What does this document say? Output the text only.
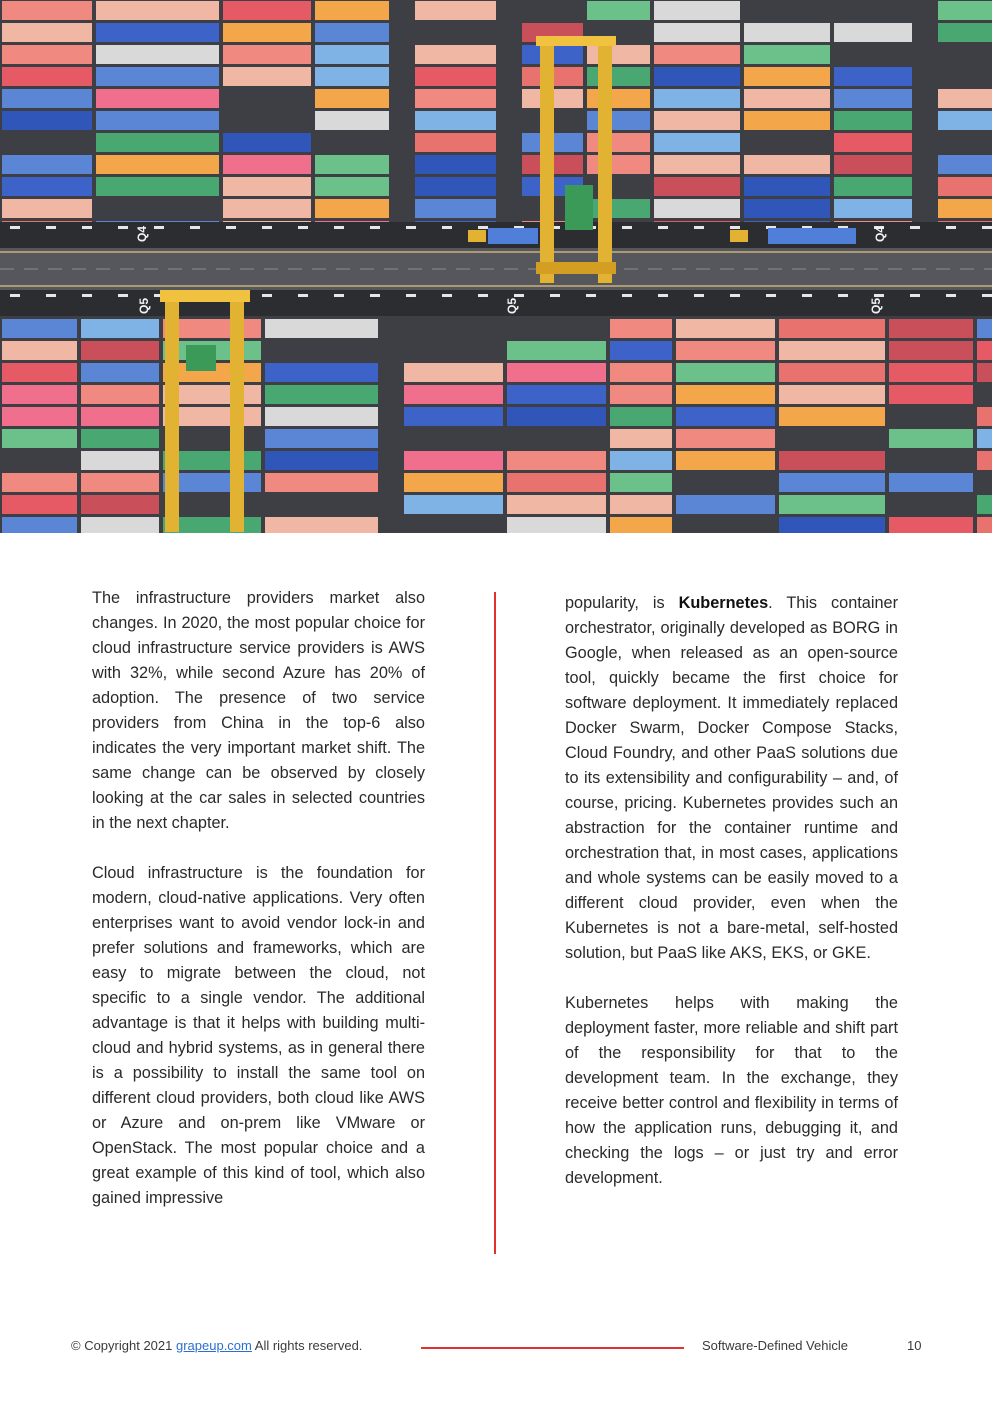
Q4	Q4
Q5	Q5	Q5

The infrastructure providers market also changes. In 2020, the most popular choice for cloud infrastructure service providers is AWS with 32%, while second Azure has 20% of adoption. The presence of two service providers from China in the top-6 also indicates the very important market shift. The same change can be observed by closely looking at the car sales in selected countries in the next chapter.

Cloud infrastructure is the foundation for modern, cloud-native applications. Very often enterprises want to avoid vendor lock-in and prefer solutions and frameworks, which are easy to migrate between the cloud, not specific to a single vendor. The additional advantage is that it helps with building multi-cloud and hybrid systems, as in general there is a possibility to install the same tool on different cloud providers, both cloud like AWS or Azure and on-prem like VMware or OpenStack. The most popular choice and a great example of this kind of tool, which also gained impressive

popularity, is Kubernetes. This container orchestrator, originally developed as BORG in Google, when released as an open-source tool, quickly became the first choice for software deployment. It immediately replaced Docker Swarm, Docker Compose Stacks, Cloud Foundry, and other PaaS solutions due to its extensibility and configurability – and, of course, pricing. Kubernetes provides such an abstraction for the container runtime and orchestration that, in most cases, applications and whole systems can be easily moved to a different cloud provider, even when the Kubernetes is not a bare-metal, self-hosted solution, but PaaS like AKS, EKS, or GKE.

Kubernetes helps with making the deployment faster, more reliable and shift part of the responsibility for that to the development team. In the exchange, they receive better control and flexibility in terms of how the application runs, debugging it, and checking the logs – or just try and error development.

© Copyright 2021 grapeup.com All rights reserved.	Software-Defined Vehicle	10
